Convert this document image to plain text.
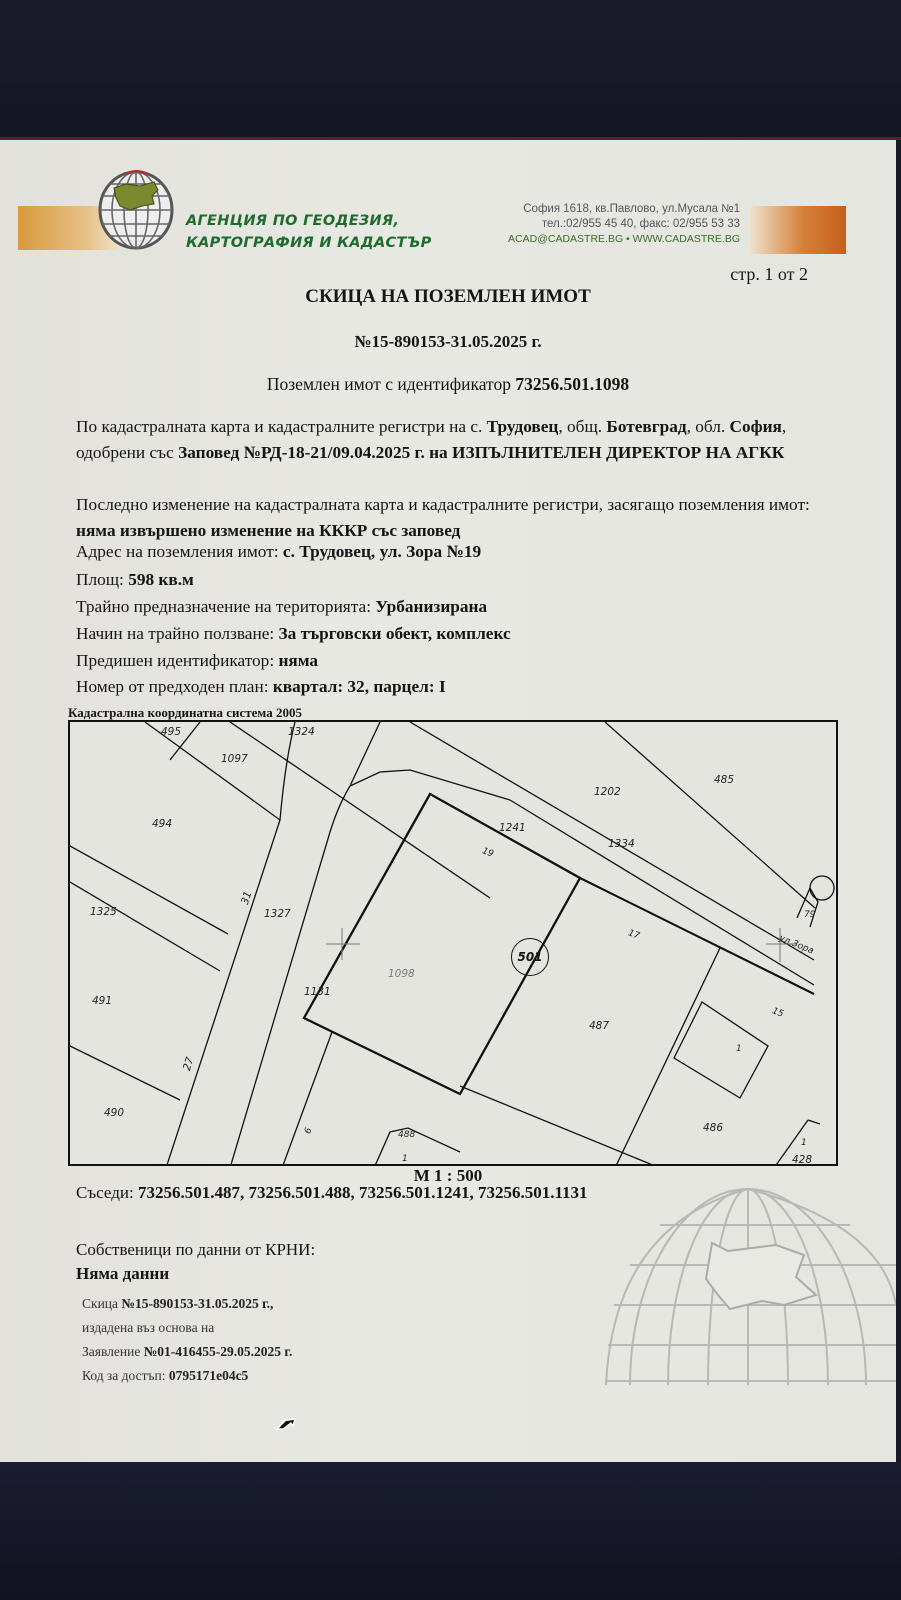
АГЕНЦИЯ ПО ГЕОДЕЗИЯ,
КАРТОГРАФИЯ И КАДАСТЪР
София 1618, кв.Павлово, ул.Мусала №1
тел.:02/955 45 40, факс: 02/955 53 33
ACAD@CADASTRE.BG • WWW.CADASTRE.BG
стр. 1 от 2
СКИЦА НА ПОЗЕМЛЕН ИМОТ
№15-890153-31.05.2025 г.
Поземлен имот с идентификатор 73256.501.1098
По кадастралната карта и кадастралните регистри на с. Трудовец, общ. Ботевград, обл. София, одобрени със Заповед №РД-18-21/09.04.2025 г. на ИЗПЪЛНИТЕЛЕН ДИРЕКТОР НА АГКК
Последно изменение на кадастралната карта и кадастралните регистри, засягащо поземления имот: няма извършено изменение на КККР със заповед
Адрес на поземления имот: с. Трудовец, ул. Зора №19
Площ: 598 кв.м
Трайно предназначение на територията: Урбанизирана
Начин на трайно ползване: За търговски обект, комплекс
Предишен идентификатор: няма
Номер от предходен план: квартал: 32, парцел: I
Кадастрална координатна система 2005
495
1097
1324
494
1325
491
490
31
27
1327
1131
1098
19
1241
1202
1334
485
17
79
ул.Зора
487
15
1
486
1
428
6	488
1
501
М 1 : 500
Съседи: 73256.501.487, 73256.501.488, 73256.501.1241, 73256.501.1131
Собственици по данни от КРНИ:
Няма данни
Скица №15-890153-31.05.2025 г.,
издадена въз основа на
Заявление №01-416455-29.05.2025 г.
Код за достъп: 0795171e04c5
